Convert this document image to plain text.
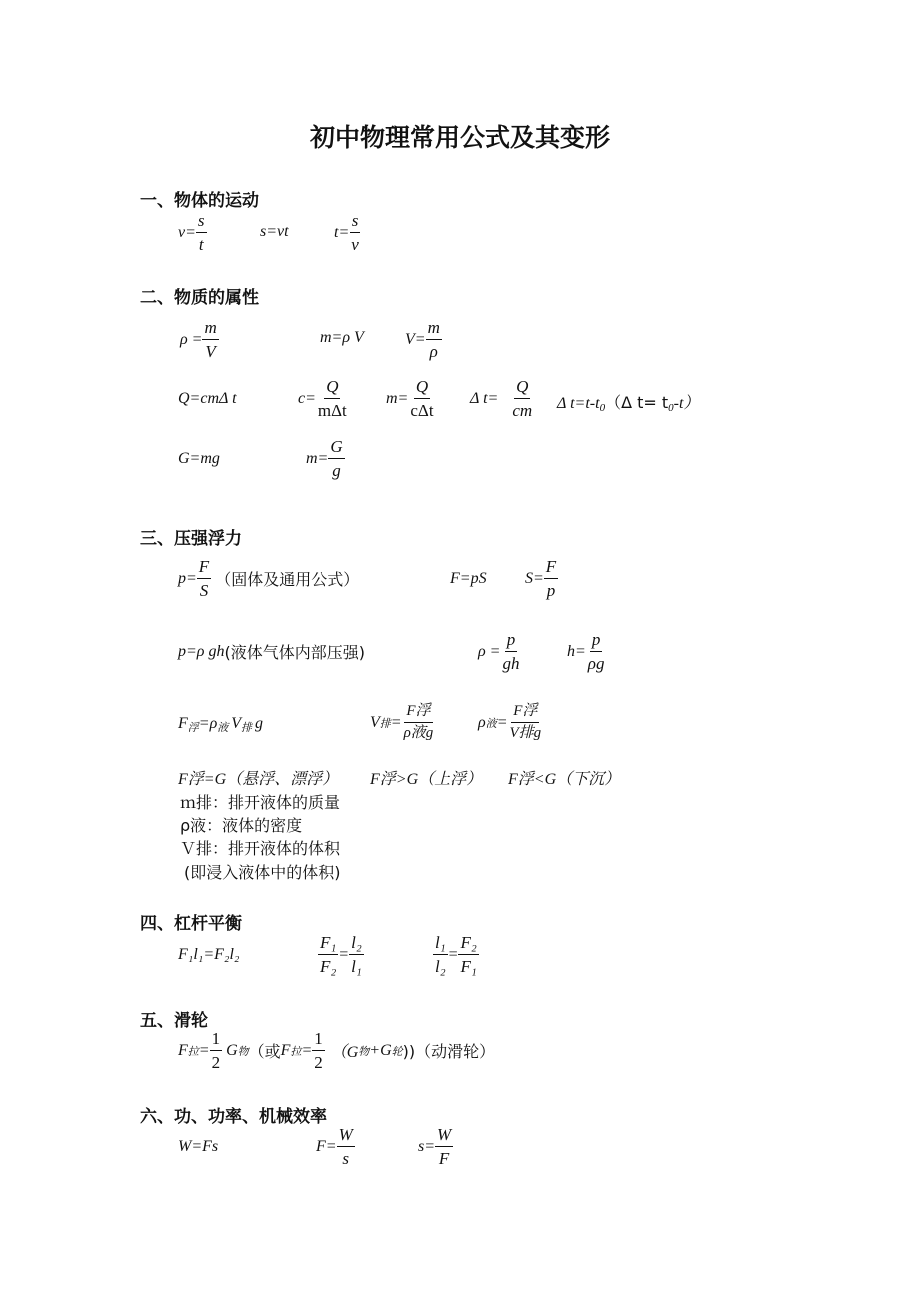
初中物理常用公式及其变形
一、物体的运动
$v= \frac{s}{t}$	s=vt	$t= \frac{s}{v}$
二、物质的属性
$\rho = \frac{m}{V}$	m=ρ V	$V= \frac{m}{\rho}$
Q=cmΔ t	$c= \frac{Q}{\text{mΔt}} m= \frac{Q}{\text{cΔt}}$ Δ $t= \frac{Q}{cm}$ Δ $t=t-t_0(\Delta$ $t= t_0-t$）
G=mg	$m= \frac{G}{g}$
三、压强浮力
$p= \frac{F}{S}$ （固体及通用公式）	F=pS $S= \frac{F}{p}$
p=ρ gh (液体气体内部压强)	$\rho = \frac{p}{gh}$	$h= \frac{p}{\rho g}$
$F_浮=\rho_液$ $V_排$ g	V 排 = $\frac{\text{F浮}}{\text{ρ液g}}$	ρ 液 = $\frac{\text{F浮}}{\text{V排g}}$
F浮=G（悬浮、漂浮） F浮>G（上浮） F浮<G（下沉）
ｍ排：排开液体的质量
ρ液：液体的密度
Ｖ排：排开液体的体积
(即浸入液体中的体积)
四、杠杆平衡
F₁l₁=F₂l₂	$\frac{\text{F₁}}{\text{F₂}} = \frac{\text{l₂}}{\text{l₁}}$	$\frac{\text{l₁}}{\text{l₂}} = \frac{\text{F₂}}{\text{F₁}}$
五、滑轮
F 拉 = $\frac{1}{2}$ G 物 （或 F 拉 = $\frac{1}{2} (G$ 物 +G 轮 ))（动滑轮）
六、功、功率、机械效率
W=Fs	$F= \frac{W}{s}$	$s= \frac{W}{F}$
